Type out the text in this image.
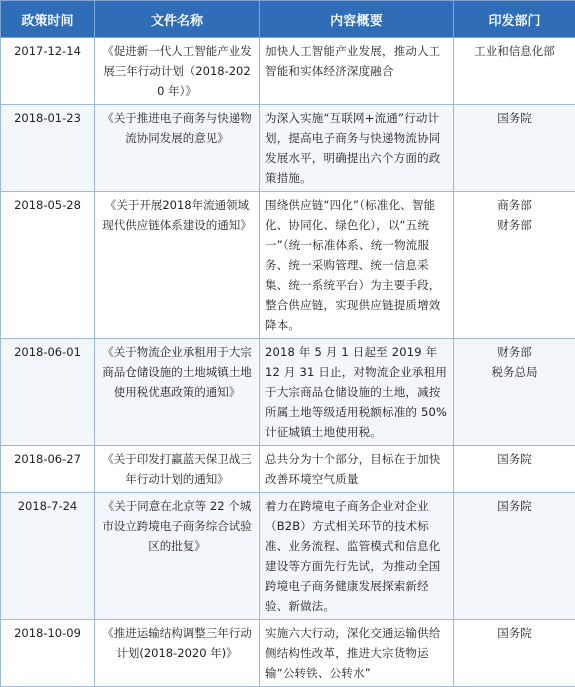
政策时间	文件名称	内容概要	印发部门
2017-12-14	《促进新一代人工智能产业发展三年行动计划（2018-2020 年）》	加快人工智能产业发展，推动人工智能和实体经济深度融合	工业和信息化部

2018-01-23	《关于推进电子商务与快递物流协同发展的意见》	为深入实施“互联网+流通”行动计划，提高电子商务与快递物流协同发展水平，明确提出六个方面的政策措施。	国务院

2018-05-28	《关于开展2018年流通领域现代供应链体系建设的通知》	围绕供应链“四化”（标准化、智能化、协同化、绿色化），以“五统一”（统一标准体系、统一物流服务、统一采购管理、统一信息采集、统一系统平台）为主要手段，整合供应链，实现供应链提质增效降本。	商务部
财务部

2018-06-01	《关于物流企业承租用于大宗商品仓储设施的土地城镇土地使用税优惠政策的通知》	2018 年 5 月 1 日起至 2019 年 12 月 31 日止，对物流企业承租用于大宗商品仓储设施的土地，减按所属土地等级适用税额标准的 50%计征城镇土地使用税。	财务部
税务总局

2018-06-27	《关于印发打赢蓝天保卫战三年行动计划的通知》	总共分为十个部分，目标在于加快改善环境空气质量	国务院

2018-7-24	《关于同意在北京等 22 个城市设立跨境电子商务综合试验区的批复》	着力在跨境电子商务企业对企业（B2B）方式相关环节的技术标准、业务流程、监管模式和信息化建设等方面先行先试，为推动全国跨境电子商务健康发展探索新经验、新做法。	国务院

2018-10-09	《推进运输结构调整三年行动计划(2018-2020 年)》	实施六大行动，深化交通运输供给侧结构性改革，推进大宗货物运输“公转铁、公转水”	国务院
